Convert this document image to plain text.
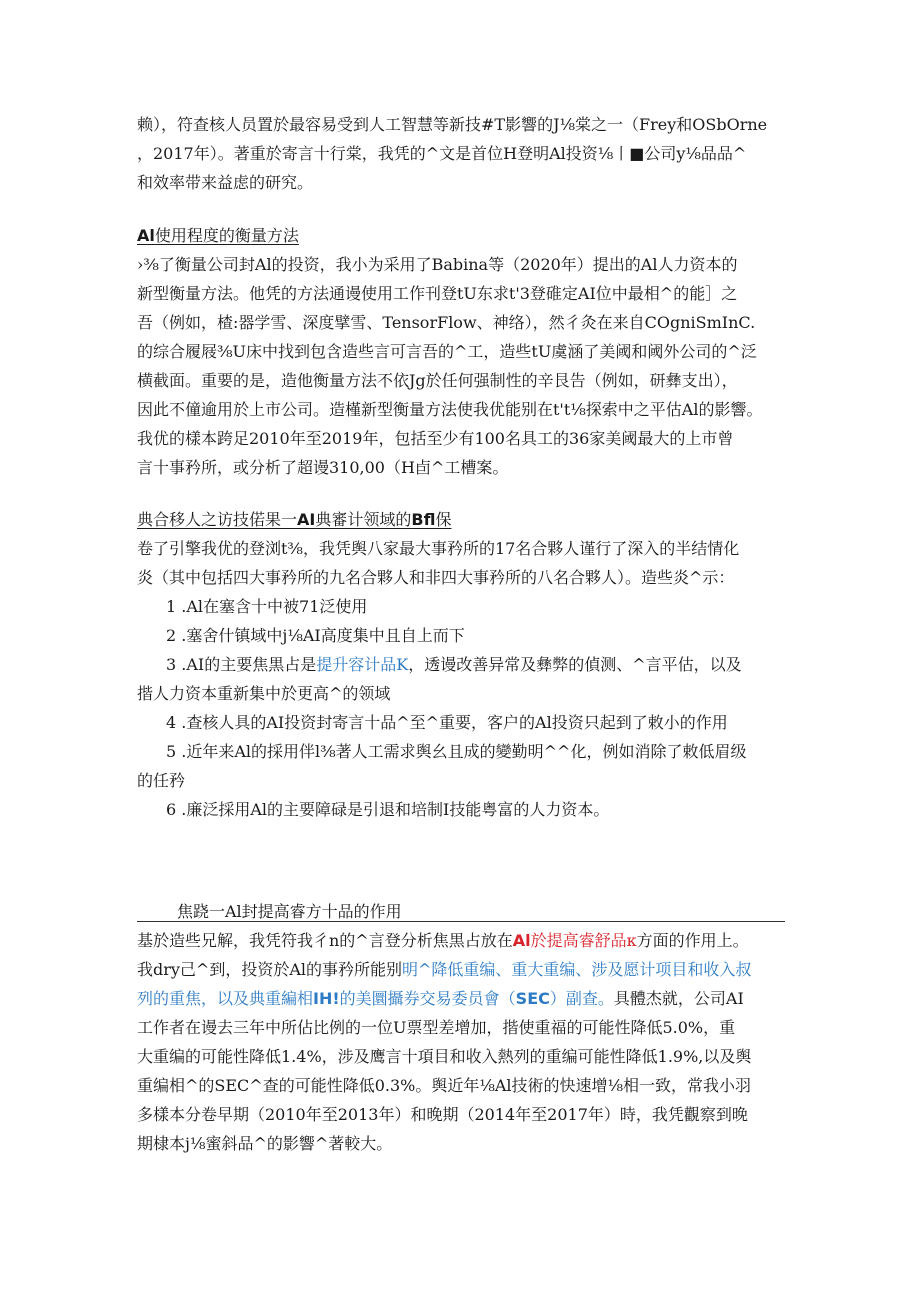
赖），符查核人员置於最容易受到人工智慧等新技#T影響的J⅛棠之一（Frey和OSbOrne
，2017年）。著重於寄言十行棠，我凭的^文是首位H登明Al投资⅛丨■公司y⅛品品^
和效率带来益虑的研究。
Al使用程度的衡量方法
›⅜了衡量公司封Al的投资，我小为采用了Babina等（2020年）提出的Al人力资本的
新型衡量方法。他凭的方法通谩使用工作刊登tU东求t'3登碓定AI位中最相^的能］之
吾（例如，楂:器学雪、深度擘雪、TensorFlow、神络），然彳灸在来自COgniSmInC.
的综合履屐⅜U床中找到包含造些言可言吾的^工，造些tU虞涵了美阈和阈外公司的^泛
横截面。重要的是，造他衡量方法不依Jg於任何强制性的辛艮告（例如，研彝支出），
因此不僮逾用於上市公司。造槿新型衡量方法使我优能别在t't⅛探索中之平估Al的影響。
我优的樣本跨足2010年至2019年，包括至少有100名具工的36家美阈最大的上市曾
言十事矜所，或分析了超谩310,00（H卣^工槽案。
典合移人之访技偌果一AI典審计领域的Bfl保
卷了引擎我优的登浏t⅜，我凭舆八家最大事矜所的17名合夥人谨行了深入的半结情化
炎（其中包括四大事矜所的九名合夥人和非四大事矜所的八名合夥人）。造些炎^示：
1 .Al在塞含十中被71泛使用
2 .塞舍什镇域中j⅛AI高度集中且自上而下
3 .AI的主要焦黒占是提升容计品K，透谩改善异常及彝弊的偵测、^言平估，以及
揩人力资本重新集中於更高^的领域
4 .查核人具的AI投资封寄言十品^至^重要，客户的Al投资只起到了敕小的作用
5 .近年来Al的採用伴l⅜著人工需求舆幺且成的變勤明^^化，例如消除了敕低眉级
的任矜
6 .廉泛採用Al的主要障碌是引退和培制I技能粤富的人力资本。
焦跷一Al封提高睿方十品的作用
基於造些兄解，我凭符我彳n的^言登分析焦黒占放在Al於提高睿舒品κ方面的作用上。
我dry己^到，投资於Al的事矜所能别明^降低重编、重大重编、涉及愿计项目和收入叔
列的重焦，以及典重編相IH!的美圜攝券交易委员會（SEC）副查。具體杰就，公司AI
工作者在谩去三年中所佔比例的一位U票型差增加，揩使重福的可能性降低5.0%，重
大重编的可能性降低1.4%，涉及鹰言十項目和收入熱列的重编可能性降低1.9%,以及舆
重编相^的SEC^查的可能性降低0.3%。舆近年⅛Al技術的快速增⅛相一致，常我小羽
多樣本分卷早期（2010年至2013年）和晚期（2014年至2017年）時，我凭觀察到晚
期棣本j⅛蜜斜品^的影響^著較大。
